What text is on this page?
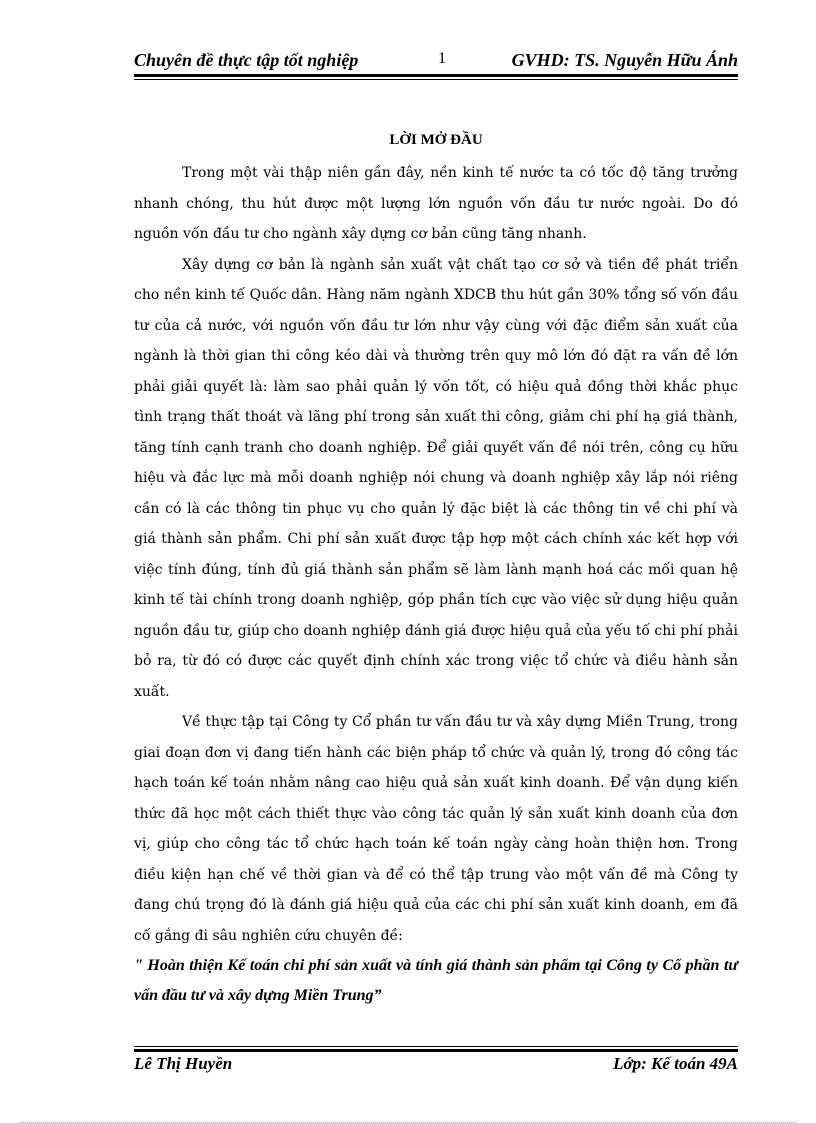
Chuyên đề thực tập tốt nghiệp	1	GVHD: TS. Nguyễn Hữu Ánh
LỜI MỞ ĐẦU

Trong một vài thập niên gần đây, nền kinh tế nước ta có tốc độ tăng trưởng nhanh chóng, thu hút được một lượng lớn nguồn vốn đầu tư nước ngoài. Do đó nguồn vốn đầu tư cho ngành xây dựng cơ bản cũng tăng nhanh.

Xây dựng cơ bản là ngành sản xuất vật chất tạo cơ sở và tiền đề phát triển cho nền kinh tế Quốc dân. Hàng năm ngành XDCB thu hút gần 30% tổng số vốn đầu tư của cả nước, với nguồn vốn đầu tư lớn như vậy cùng với đặc điểm sản xuất của ngành là thời gian thi công kéo dài và thường trên quy mô lớn đó đặt ra vấn đề lớn phải giải quyết là: làm sao phải quản lý vốn tốt, có hiệu quả đồng thời khắc phục tình trạng thất thoát và lãng phí trong sản xuất thi công, giảm chi phí hạ giá thành, tăng tính cạnh tranh cho doanh nghiệp. Để giải quyết vấn đề nói trên, công cụ hữu hiệu và đắc lực mà mỗi doanh nghiệp nói chung và doanh nghiệp xây lắp nói riêng cần có là các thông tin phục vụ cho quản lý đặc biệt là các thông tin về chi phí và giá thành sản phẩm. Chi phí sản xuất được tập hợp một cách chính xác kết hợp với việc tính đúng, tính đủ giá thành sản phẩm sẽ làm lành mạnh hoá các mối quan hệ kinh tế tài chính trong doanh nghiệp, góp phần tích cực vào việc sử dụng hiệu quản nguồn đầu tư, giúp cho doanh nghiệp đánh giá được hiệu quả của yếu tố chi phí phải bỏ ra, từ đó có được các quyết định chính xác trong việc tổ chức và điều hành sản xuất.

Về thực tập tại Công ty Cổ phần tư vấn đầu tư và xây dựng Miền Trung, trong giai đoạn đơn vị đang tiến hành các biện pháp tổ chức và quản lý, trong đó công tác hạch toán kế toán nhằm nâng cao hiệu quả sản xuất kinh doanh. Để vận dụng kiến thức đã học một cách thiết thực vào công tác quản lý sản xuất kinh doanh của đơn vị, giúp cho công tác tổ chức hạch toán kế toán ngày càng hoàn thiện hơn. Trong điều kiện hạn chế về thời gian và để có thể tập trung vào một vấn đề mà Công ty đang chú trọng đó là đánh giá hiệu quả của các chi phí sản xuất kinh doanh, em đã cố gắng đi sâu nghiên cứu chuyên đề:

" Hoàn thiện Kế toán chi phí sản xuất và tính giá thành sản phẩm tại Công ty Cổ phần tư vấn đầu tư và xây dựng Miền Trung”

Lê Thị Huyền	Lớp: Kế toán 49A
